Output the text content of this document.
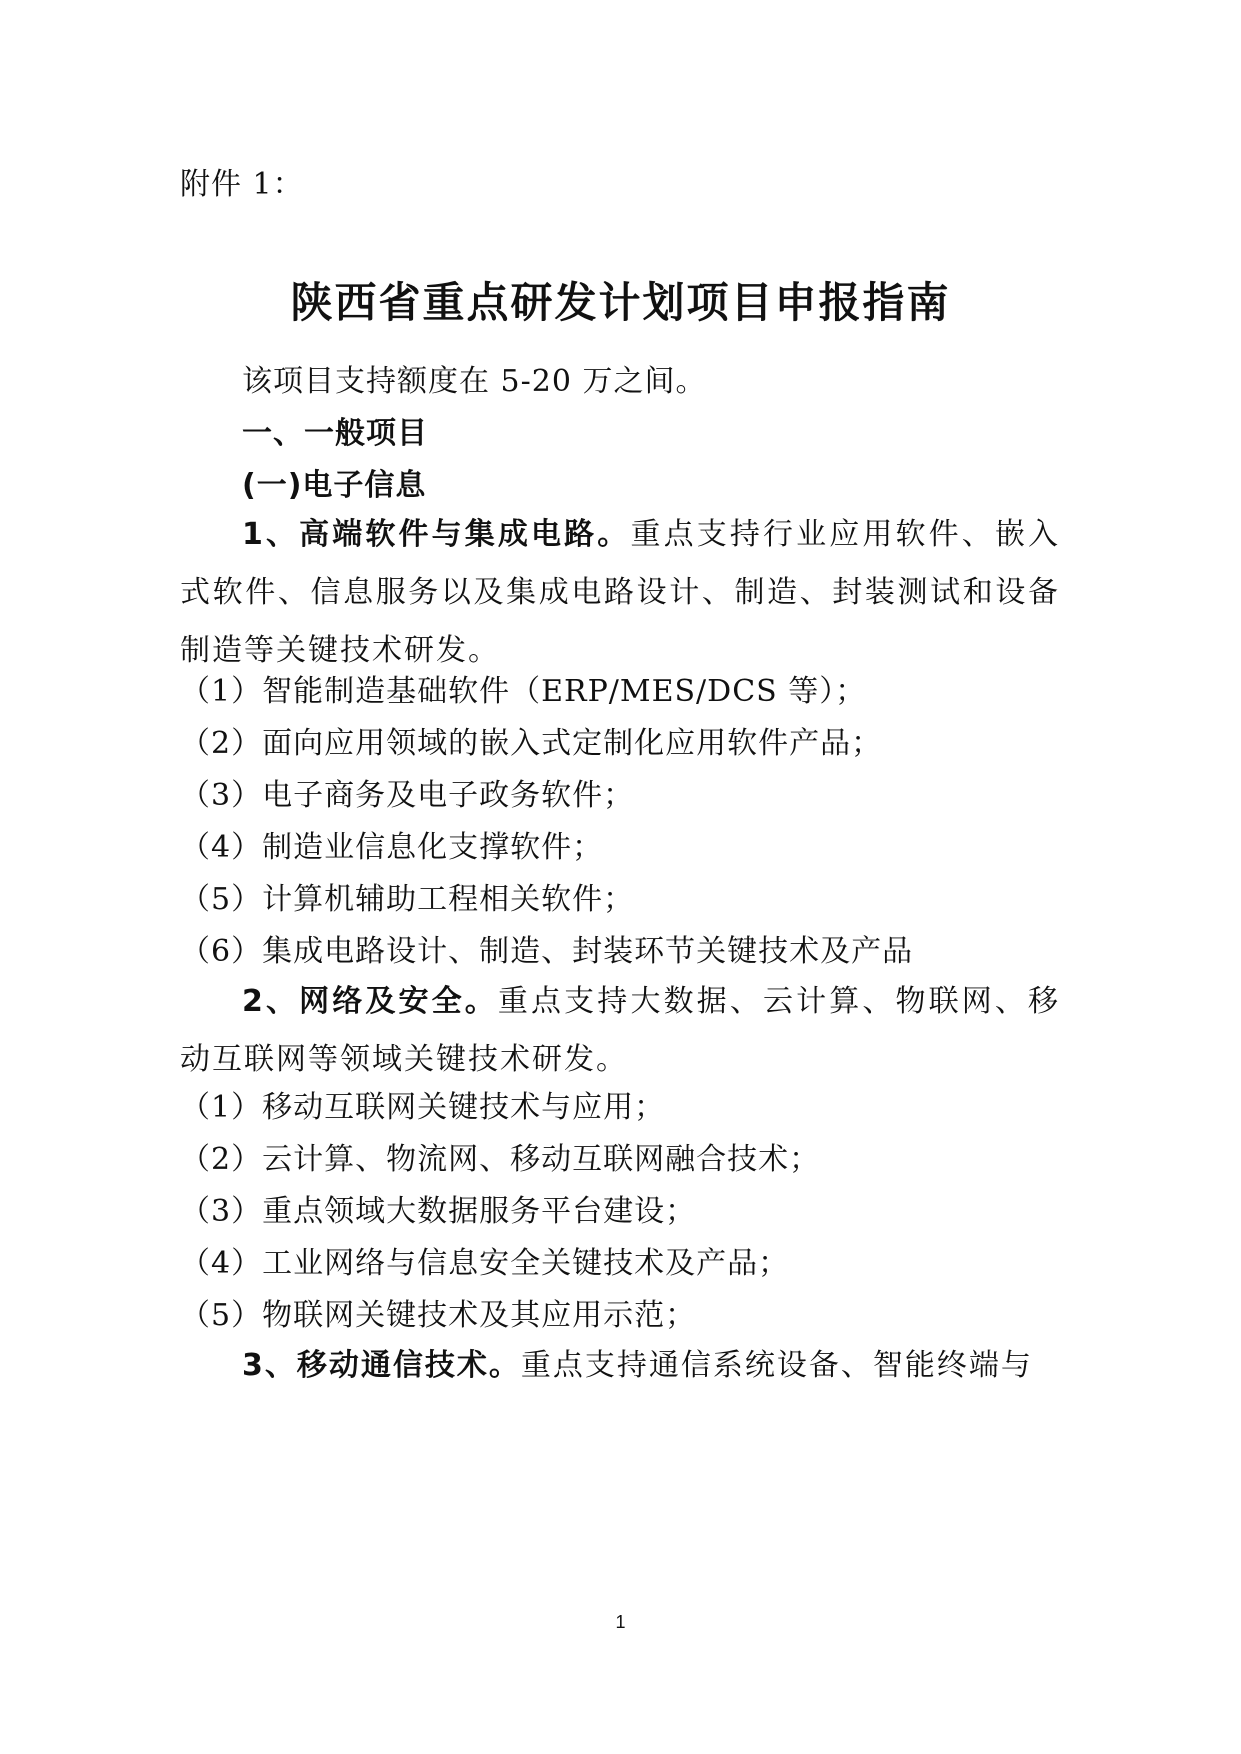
附件 1：
陕西省重点研发计划项目申报指南
该项目支持额度在 5-20 万之间。
一、一般项目
(一)电子信息
1、高端软件与集成电路。重点支持行业应用软件、嵌入式软件、信息服务以及集成电路设计、制造、封装测试和设备制造等关键技术研发。
（1）智能制造基础软件（ERP/MES/DCS 等）；
（2）面向应用领域的嵌入式定制化应用软件产品；
（3）电子商务及电子政务软件；
（4）制造业信息化支撑软件；
（5）计算机辅助工程相关软件；
（6）集成电路设计、制造、封装环节关键技术及产品
2、网络及安全。重点支持大数据、云计算、物联网、移动互联网等领域关键技术研发。
（1）移动互联网关键技术与应用；
（2）云计算、物流网、移动互联网融合技术；
（3）重点领域大数据服务平台建设；
（4）工业网络与信息安全关键技术及产品；
（5）物联网关键技术及其应用示范；
3、移动通信技术。重点支持通信系统设备、智能终端与
1
